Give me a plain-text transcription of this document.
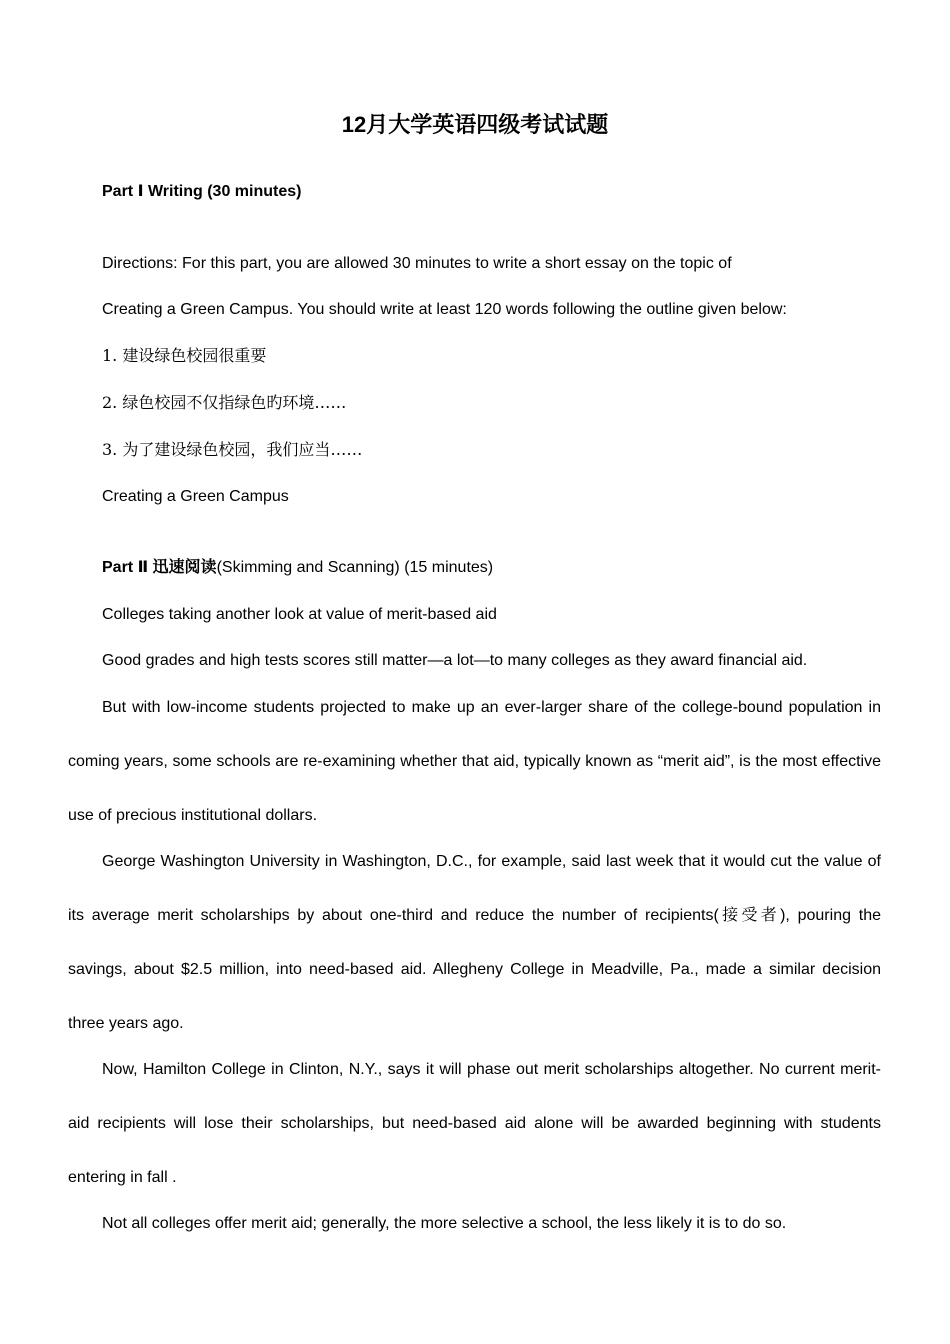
12月大学英语四级考试试题
Part Ⅰ Writing (30 minutes)
Directions: For this part, you are allowed 30 minutes to write a short essay on the topic of
Creating a Green Campus. You should write at least 120 words following the outline given below:
1. 建设绿色校园很重要
2. 绿色校园不仅指绿色旳环境……
3. 为了建设绿色校园，我们应当……
Creating a Green Campus
Part Ⅱ 迅速阅读(Skimming and Scanning) (15 minutes)
Colleges taking another look at value of merit-based aid
Good grades and high tests scores still matter—a lot—to many colleges as they award financial aid.
But with low-income students projected to make up an ever-larger share of the college-bound population in coming years, some schools are re-examining whether that aid, typically known as “merit aid”, is the most effective use of precious institutional dollars.
George Washington University in Washington, D.C., for example, said last week that it would cut the value of its average merit scholarships by about one-third and reduce the number of recipients(接受者), pouring the savings, about $2.5 million, into need-based aid. Allegheny College in Meadville, Pa., made a similar decision three years ago.
Now, Hamilton College in Clinton, N.Y., says it will phase out merit scholarships altogether. No current merit-aid recipients will lose their scholarships, but need-based aid alone will be awarded beginning with students entering in fall .
Not all colleges offer merit aid; generally, the more selective a school, the less likely it is to do so.
